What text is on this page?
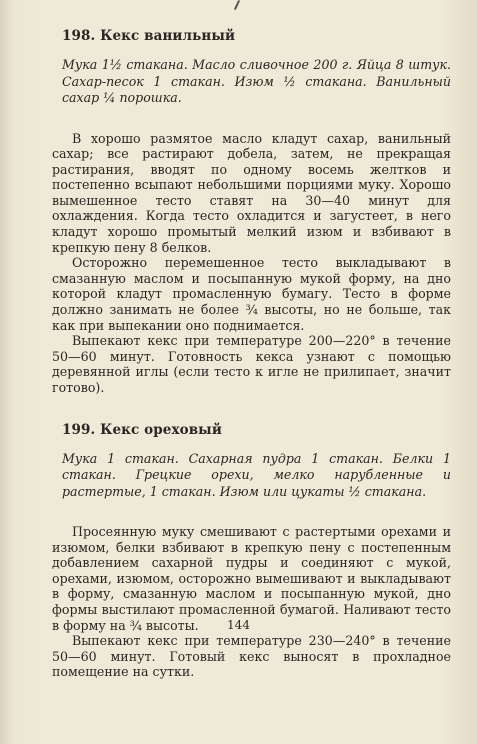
198. Кекс ванильный
Мука 1½ стакана. Масло сливочное 200 г. Яйца 8 штук. Сахар-песок 1 стакан. Изюм ½ стакана. Ванильный сахар ¼ порошка.

В хорошо размятое масло кладут сахар, ванильный сахар; все растирают добела, затем, не прекращая растирания, вводят по одному восемь желтков и постепенно всыпают небольшими порциями муку. Хорошо вымешенное тесто ставят на 30—40 минут для охлаждения. Когда тесто охладится и загустеет, в него кладут хорошо промытый мелкий изюм и взбивают в крепкую пену 8 белков.

Осторожно перемешенное тесто выкладывают в смазанную маслом и посыпанную мукой форму, на дно которой кладут промасленную бумагу. Тесто в форме должно занимать не более ¾ высоты, но не больше, так как при выпекании оно поднимается.

Выпекают кекс при температуре 200—220° в течение 50—60 минут. Готовность кекса узнают с помощью деревянной иглы (если тесто к игле не прилипает, значит готово).

199. Кекс ореховый
Мука 1 стакан. Сахарная пудра 1 стакан. Белки 1 стакан. Грецкие орехи, мелко нарубленные и растертые, 1 стакан. Изюм или цукаты ½ стакана.

Просеянную муку смешивают с растертыми орехами и изюмом, белки взбивают в крепкую пену с постепенным добавлением сахарной пудры и соединяют с мукой, орехами, изюмом, осторожно вымешивают и выкладывают в форму, смазанную маслом и посыпанную мукой, дно формы выстилают промасленной бумагой. Наливают тесто в форму на ¾ высоты.

Выпекают кекс при температуре 230—240° в течение 50—60 минут. Готовый кекс выносят в прохладное помещение на сутки.

144
